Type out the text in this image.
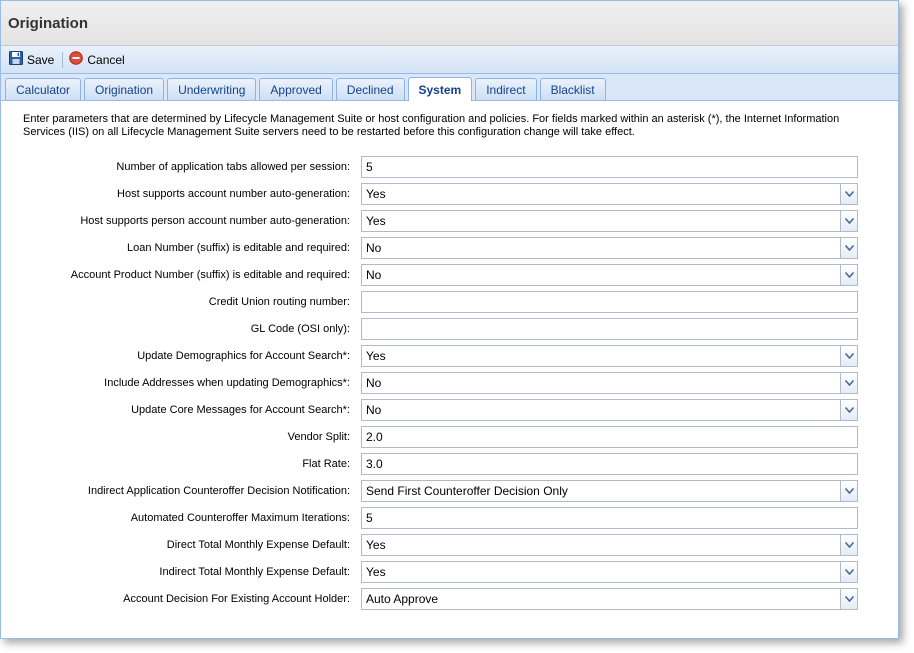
Origination
Save	Cancel
Calculator	Origination	Underwriting	Approved	Declined	System	Indirect	Blacklist
Enter parameters that are determined by Lifecycle Management Suite or host configuration and policies. For fields marked within an asterisk (*), the Internet Information Services (IIS) on all Lifecycle Management Suite servers need to be restarted before this configuration change will take effect.
Number of application tabs allowed per session:	5
Host supports account number auto-generation:	Yes
Host supports person account number auto-generation:	Yes
Loan Number (suffix) is editable and required:	No
Account Product Number (suffix) is editable and required:	No
Credit Union routing number:
GL Code (OSI only):
Update Demographics for Account Search*:	Yes
Include Addresses when updating Demographics*:	No
Update Core Messages for Account Search*:	No
Vendor Split:	2.0
Flat Rate:	3.0
Indirect Application Counteroffer Decision Notification:	Send First Counteroffer Decision Only
Automated Counteroffer Maximum Iterations:	5
Direct Total Monthly Expense Default:	Yes
Indirect Total Monthly Expense Default:	Yes
Account Decision For Existing Account Holder:	Auto Approve
